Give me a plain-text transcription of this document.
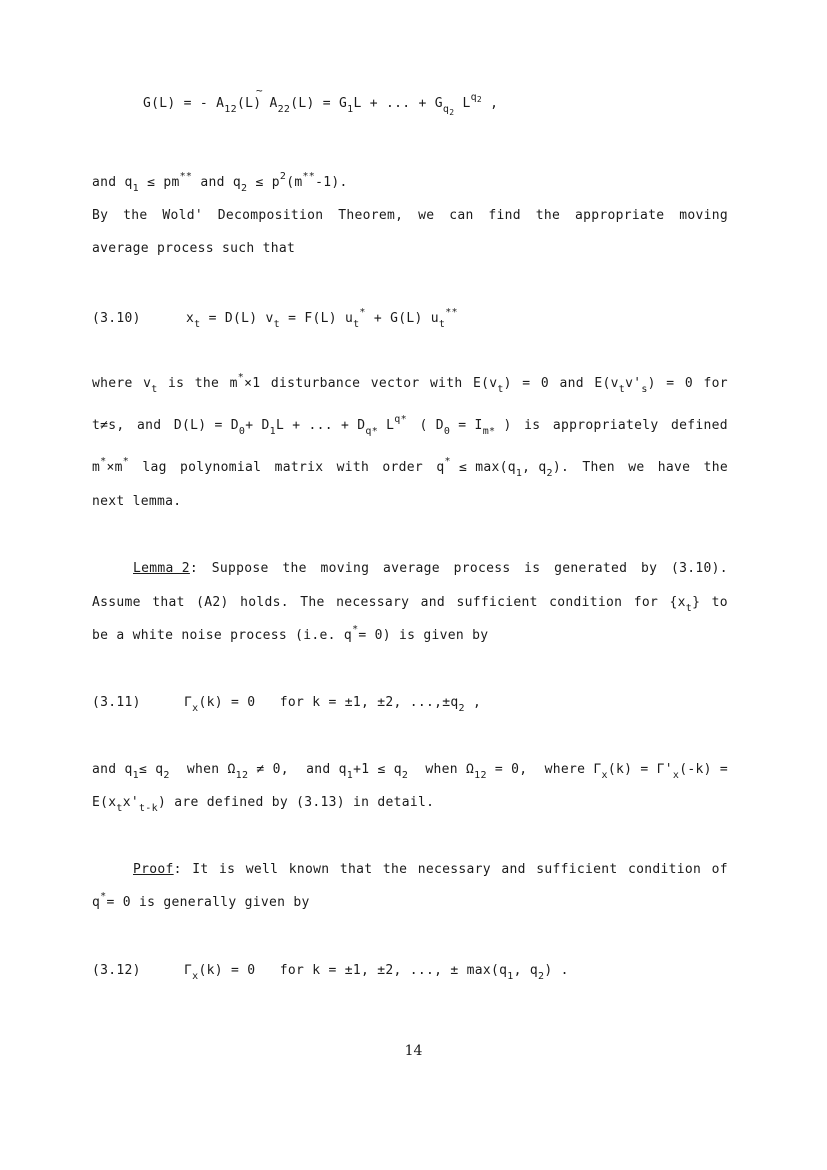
G(L) = - $A_{12}(L) A_{22}(L) = G_1L$ + ... + $G_{q_2}$ $L^{q_2}$ ,
~
and $q_1 \le pm^{**}$ and $q_2 \le p^2(m^{**}-1)$.
By the Wold' Decomposition Theorem, we can find the appropriate moving
average process such that
(3.10)	$x_t = D(L) v_t = F(L) u_t^* + G(L)$ $u_t^{**}$
where $v_t$ is the m*×1 disturbance vector with $E(v_t) = 0$ and $E(v_tv'_s) = 0$ for
t≠s, and $D(L) = D_0+ D_1L$ + ... + $D_{q*}$ $L^{q*}$ ( $D_0 = I_{m*}$ ) is appropriately defined
m*×m* lag polynomial matrix with order $q^* \le \max(q_1$, $q_2$). Then we have the
next lemma.
Lemma 2: Suppose the moving average process is generated by (3.10).
Assume that (A2) holds. The necessary and sufficient condition for $\{x_t\}$ to
be a white noise process (i.e. q*= 0) is given by
(3.11)	$\Gamma_x(k) = 0$   for k = ±1, ±2, $...,\pm q_2$ ,
and $q_1\le q_2$ when $\Omega_{12} \ne 0$, and $q_1+1 \le q_2$ when $\Omega_{12} = 0$, where $\Gamma_x(k) = \Gamma'_x(-k)$ =
$E(x_tx'_{t-k})$ are defined by (3.13) in detail.
Proof: It is well known that the necessary and sufficient condition of
q*= 0 is generally given by
(3.12)	$\Gamma_x(k) = 0$   for k = ±1, ±2, ..., ± $\max(q_1$, $q_2$) .
14
